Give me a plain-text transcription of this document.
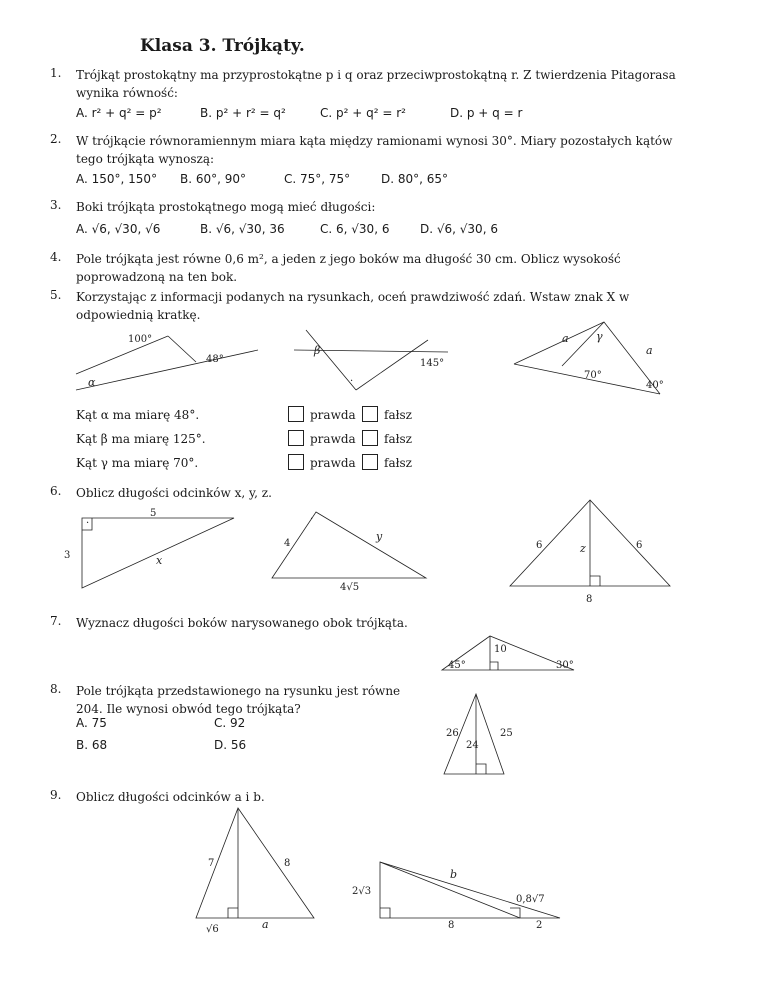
Klasa 3. Trójkąty.
1. Trójkąt prostokątny ma przyprostokątne p i q oraz przeciwprostokątną r. Z twierdzenia Pitagorasa wynika równość:
A. r² + q² = p²	B. p² + r² = q²	C. p² + q² = r²	D. p + q = r
2. W trójkącie równoramiennym miara kąta między ramionami wynosi 30°. Miary pozostałych kątów tego trójkąta wynoszą:
A. 150°, 150° B. 60°, 90°	C. 75°, 75°	D. 80°, 65°
3. Boki trójkąta prostokątnego mogą mieć długości:
A. √6, √30, √6	B. √6, √30, 36	C. 6, √30, 6	D. √6, √30, 6
4. Pole trójkąta jest równe 0,6 m², a jeden z jego boków ma długość 30 cm. Oblicz wysokość poprowadzoną na ten bok.
5. Korzystając z informacji podanych na rysunkach, oceń prawdziwość zdań. Wstaw znak X w odpowiednią kratkę.
100°
48°
α
β
145°
·
a γ
a
70°
40°
5
3	x
·	·
4
y
4√5
6	z	6
8
10
45°	30°
26	25
24
7	8
√6	a
2√3
b
0,8√7
8	2
Kąt α ma miarę 48°.	prawda fałsz
Kąt β ma miarę 125°.	prawda fałsz
Kąt γ ma miarę 70°.	prawda fałsz
6. Oblicz długości odcinków x, y, z.
7. Wyznacz długości boków narysowanego obok trójkąta.
8. Pole trójkąta przedstawionego na rysunku jest równe 204. Ile wynosi obwód tego trójkąta?
A. 75	C. 92
B. 68	D. 56
9. Oblicz długości odcinków a i b.
